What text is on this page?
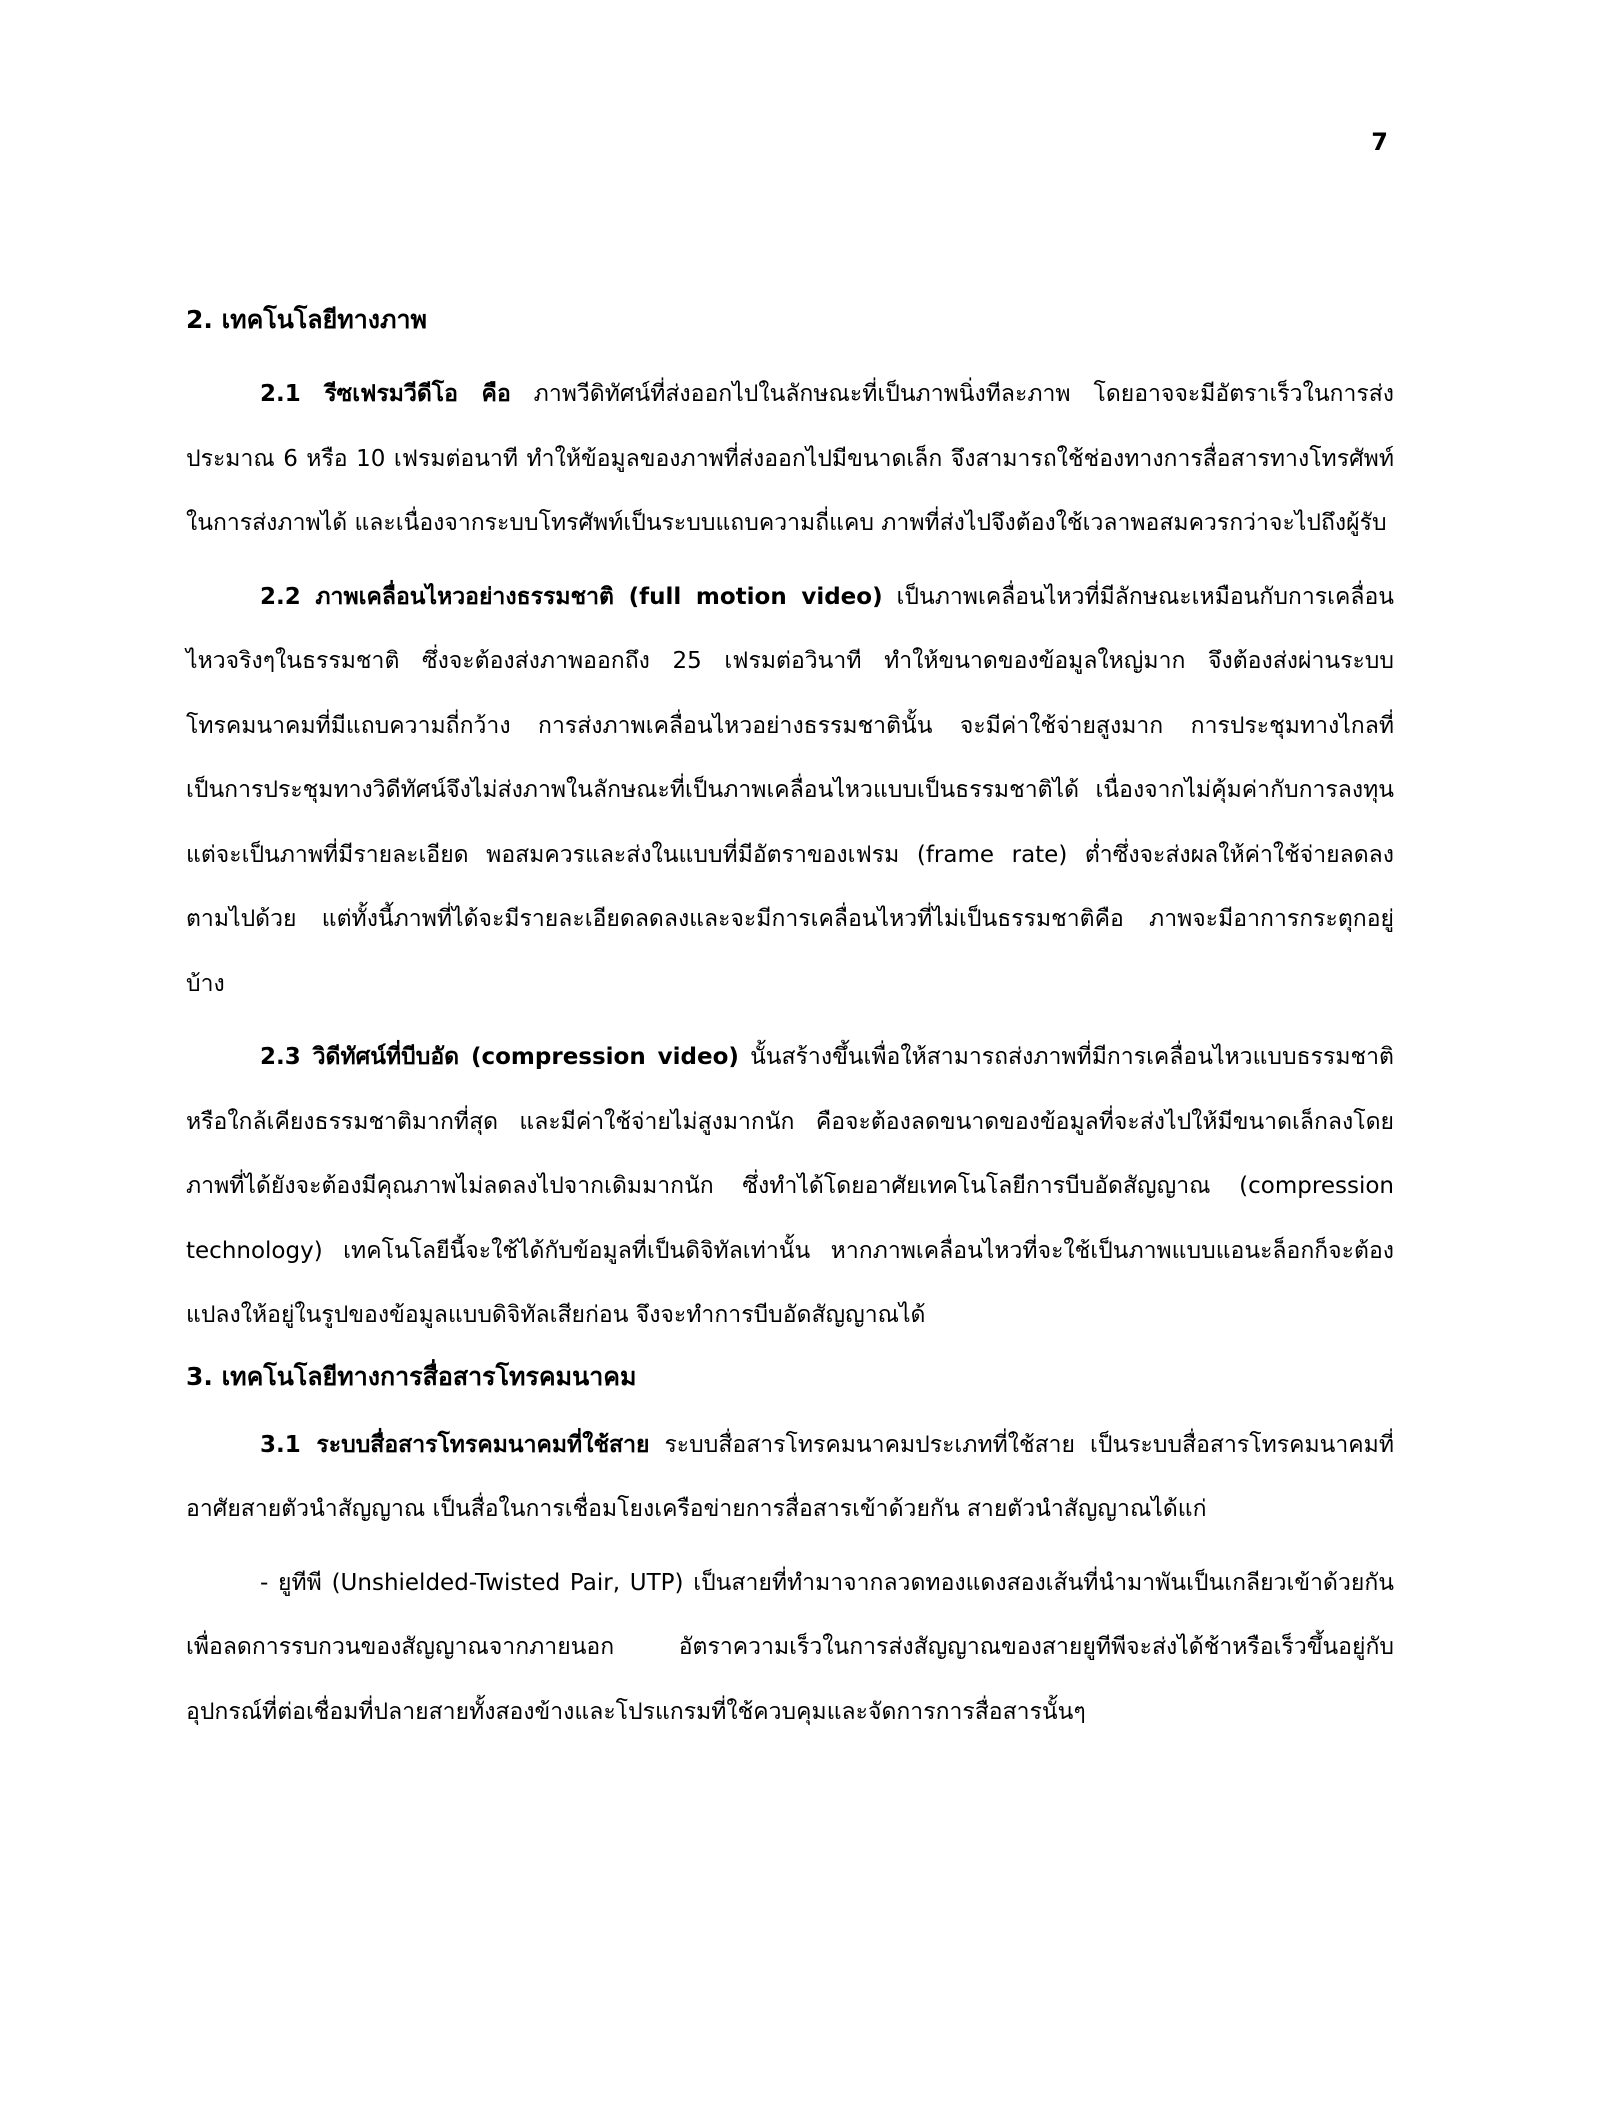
7
2. เทคโนโลยีทางภาพ

2.1 รีซเฟรมวีดีโอ คือ ภาพวีดิทัศน์ที่ส่งออกไปในลักษณะที่เป็นภาพนิ่งทีละภาพ โดยอาจจะมีอัตราเร็วในการส่งประมาณ 6 หรือ 10 เฟรมต่อนาที ทำให้ข้อมูลของภาพที่ส่งออกไปมีขนาดเล็ก จึงสามารถใช้ช่องทางการสื่อสารทางโทรศัพท์ในการส่งภาพได้ และเนื่องจากระบบโทรศัพท์เป็นระบบแถบความถี่แคบ ภาพที่ส่งไปจึงต้องใช้เวลาพอสมควรกว่าจะไปถึงผู้รับ

2.2 ภาพเคลื่อนไหวอย่างธรรมชาติ (full motion video) เป็นภาพเคลื่อนไหวที่มีลักษณะเหมือนกับการเคลื่อนไหวจริงๆในธรรมชาติ ซึ่งจะต้องส่งภาพออกถึง 25 เฟรมต่อวินาที ทำให้ขนาดของข้อมูลใหญ่มาก จึงต้องส่งผ่านระบบโทรคมนาคมที่มีแถบความถี่กว้าง การส่งภาพเคลื่อนไหวอย่างธรรมชาตินั้น จะมีค่าใช้จ่ายสูงมาก การประชุมทางไกลที่เป็นการประชุมทางวิดีทัศน์จึงไม่ส่งภาพในลักษณะที่เป็นภาพเคลื่อนไหวแบบเป็นธรรมชาติได้ เนื่องจากไม่คุ้มค่ากับการลงทุน แต่จะเป็นภาพที่มีรายละเอียด พอสมควรและส่งในแบบที่มีอัตราของเฟรม (frame rate) ต่ำซึ่งจะส่งผลให้ค่าใช้จ่ายลดลงตามไปด้วย แต่ทั้งนี้ภาพที่ได้จะมีรายละเอียดลดลงและจะมีการเคลื่อนไหวที่ไม่เป็นธรรมชาติคือ ภาพจะมีอาการกระตุกอยู่บ้าง

2.3 วิดีทัศน์ที่บีบอัด (compression video) นั้นสร้างขึ้นเพื่อให้สามารถส่งภาพที่มีการเคลื่อนไหวแบบธรรมชาติหรือใกล้เคียงธรรมชาติมากที่สุด และมีค่าใช้จ่ายไม่สูงมากนัก คือจะต้องลดขนาดของข้อมูลที่จะส่งไปให้มีขนาดเล็กลงโดยภาพที่ได้ยังจะต้องมีคุณภาพไม่ลดลงไปจากเดิมมากนัก ซึ่งทำได้โดยอาศัยเทคโนโลยีการบีบอัดสัญญาณ (compression technology) เทคโนโลยีนี้จะใช้ได้กับข้อมูลที่เป็นดิจิทัลเท่านั้น หากภาพเคลื่อนไหวที่จะใช้เป็นภาพแบบแอนะล็อกก็จะต้องแปลงให้อยู่ในรูปของข้อมูลแบบดิจิทัลเสียก่อน จึงจะทำการบีบอัดสัญญาณได้

3. เทคโนโลยีทางการสื่อสารโทรคมนาคม

3.1 ระบบสื่อสารโทรคมนาคมที่ใช้สาย ระบบสื่อสารโทรคมนาคมประเภทที่ใช้สาย เป็นระบบสื่อสารโทรคมนาคมที่อาศัยสายตัวนำสัญญาณ เป็นสื่อในการเชื่อมโยงเครือข่ายการสื่อสารเข้าด้วยกัน สายตัวนำสัญญาณได้แก่

- ยูทีพี (Unshielded-Twisted Pair, UTP) เป็นสายที่ทำมาจากลวดทองแดงสองเส้นที่นำมาพันเป็นเกลียวเข้าด้วยกัน เพื่อลดการรบกวนของสัญญาณจากภายนอก อัตราความเร็วในการส่งสัญญาณของสายยูทีพีจะส่งได้ช้าหรือเร็วขึ้นอยู่กับอุปกรณ์ที่ต่อเชื่อมที่ปลายสายทั้งสองข้างและโปรแกรมที่ใช้ควบคุมและจัดการการสื่อสารนั้นๆ
